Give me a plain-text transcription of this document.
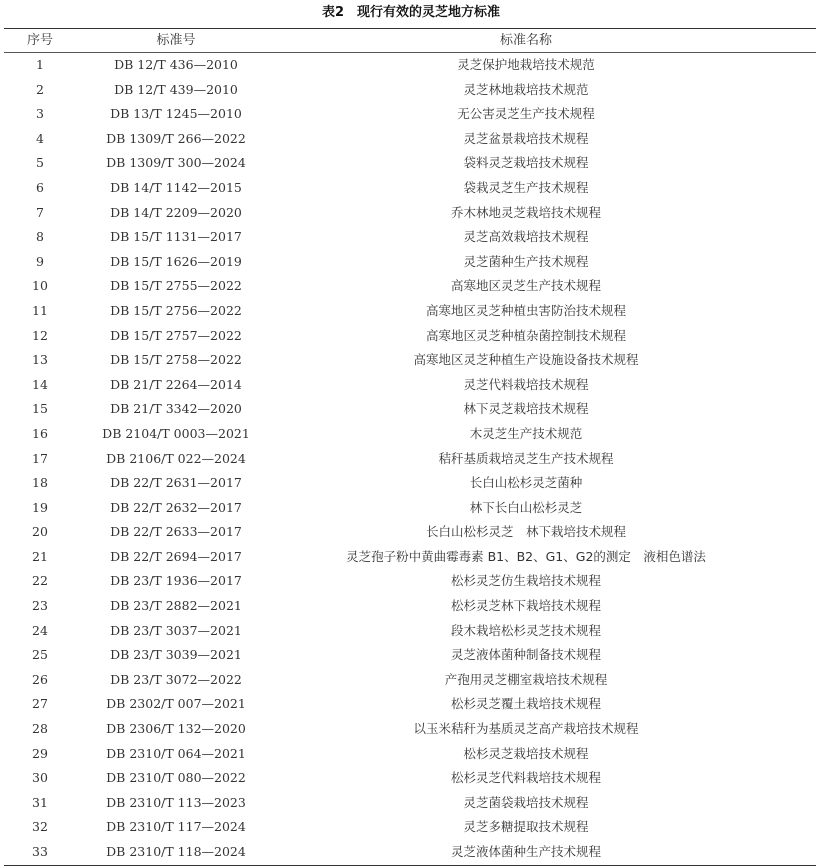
表2　现行有效的灵芝地方标准
序号	标准号	标准名称
1	DB 12/T 436—2010	灵芝保护地栽培技术规范
2	DB 12/T 439—2010	灵芝林地栽培技术规范
3	DB 13/T 1245—2010	无公害灵芝生产技术规程
4	DB 1309/T 266—2022	灵芝盆景栽培技术规程
5	DB 1309/T 300—2024	袋料灵芝栽培技术规程
6	DB 14/T 1142—2015	袋栽灵芝生产技术规程
7	DB 14/T 2209—2020	乔木林地灵芝栽培技术规程
8	DB 15/T 1131—2017	灵芝高效栽培技术规程
9	DB 15/T 1626—2019	灵芝菌种生产技术规程
10	DB 15/T 2755—2022	高寒地区灵芝生产技术规程
11	DB 15/T 2756—2022	高寒地区灵芝种植虫害防治技术规程
12	DB 15/T 2757—2022	高寒地区灵芝种植杂菌控制技术规程
13	DB 15/T 2758—2022	高寒地区灵芝种植生产设施设备技术规程
14	DB 21/T 2264—2014	灵芝代料栽培技术规程
15	DB 21/T 3342—2020	林下灵芝栽培技术规程
16	DB 2104/T 0003—2021	木灵芝生产技术规范
17	DB 2106/T 022—2024	秸秆基质栽培灵芝生产技术规程
18	DB 22/T 2631—2017	长白山松杉灵芝菌种
19	DB 22/T 2632—2017	林下长白山松杉灵芝
20	DB 22/T 2633—2017	长白山松杉灵芝　林下栽培技术规程
21	DB 22/T 2694—2017	灵芝孢子粉中黄曲霉毒素 B1、B2、G1、G2的测定　液相色谱法
22	DB 23/T 1936—2017	松杉灵芝仿生栽培技术规程
23	DB 23/T 2882—2021	松杉灵芝林下栽培技术规程
24	DB 23/T 3037—2021	段木栽培松杉灵芝技术规程
25	DB 23/T 3039—2021	灵芝液体菌种制备技术规程
26	DB 23/T 3072—2022	产孢用灵芝棚室栽培技术规程
27	DB 2302/T 007—2021	松杉灵芝覆土栽培技术规程
28	DB 2306/T 132—2020	以玉米秸秆为基质灵芝高产栽培技术规程
29	DB 2310/T 064—2021	松杉灵芝栽培技术规程
30	DB 2310/T 080—2022	松杉灵芝代料栽培技术规程
31	DB 2310/T 113—2023	灵芝菌袋栽培技术规程
32	DB 2310/T 117—2024	灵芝多糖提取技术规程
33	DB 2310/T 118—2024	灵芝液体菌种生产技术规程
